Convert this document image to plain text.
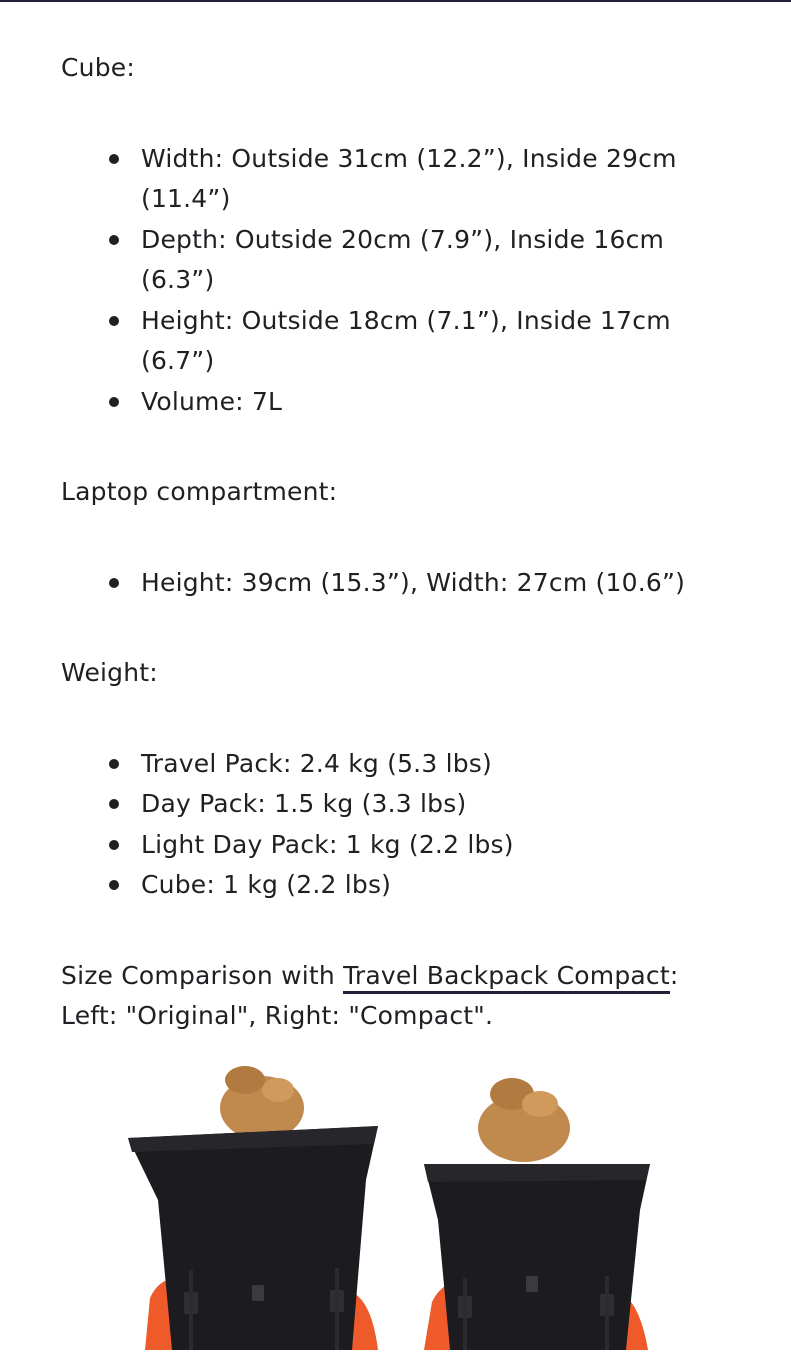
Cube:

Width: Outside 31cm (12.2”), Inside 29cm (11.4”)
Depth: Outside 20cm (7.9”), Inside 16cm (6.3”)
Height: Outside 18cm (7.1”), Inside 17cm (6.7”)
Volume: 7L

Laptop compartment:

Height: 39cm (15.3”), Width: 27cm (10.6”)

Weight:

Travel Pack: 2.4 kg (5.3 lbs)
Day Pack: 1.5 kg (3.3 lbs)
Light Day Pack: 1 kg (2.2 lbs)
Cube: 1 kg (2.2 lbs)

Size Comparison with Travel Backpack Compact:

Left: "Original", Right: "Compact".
